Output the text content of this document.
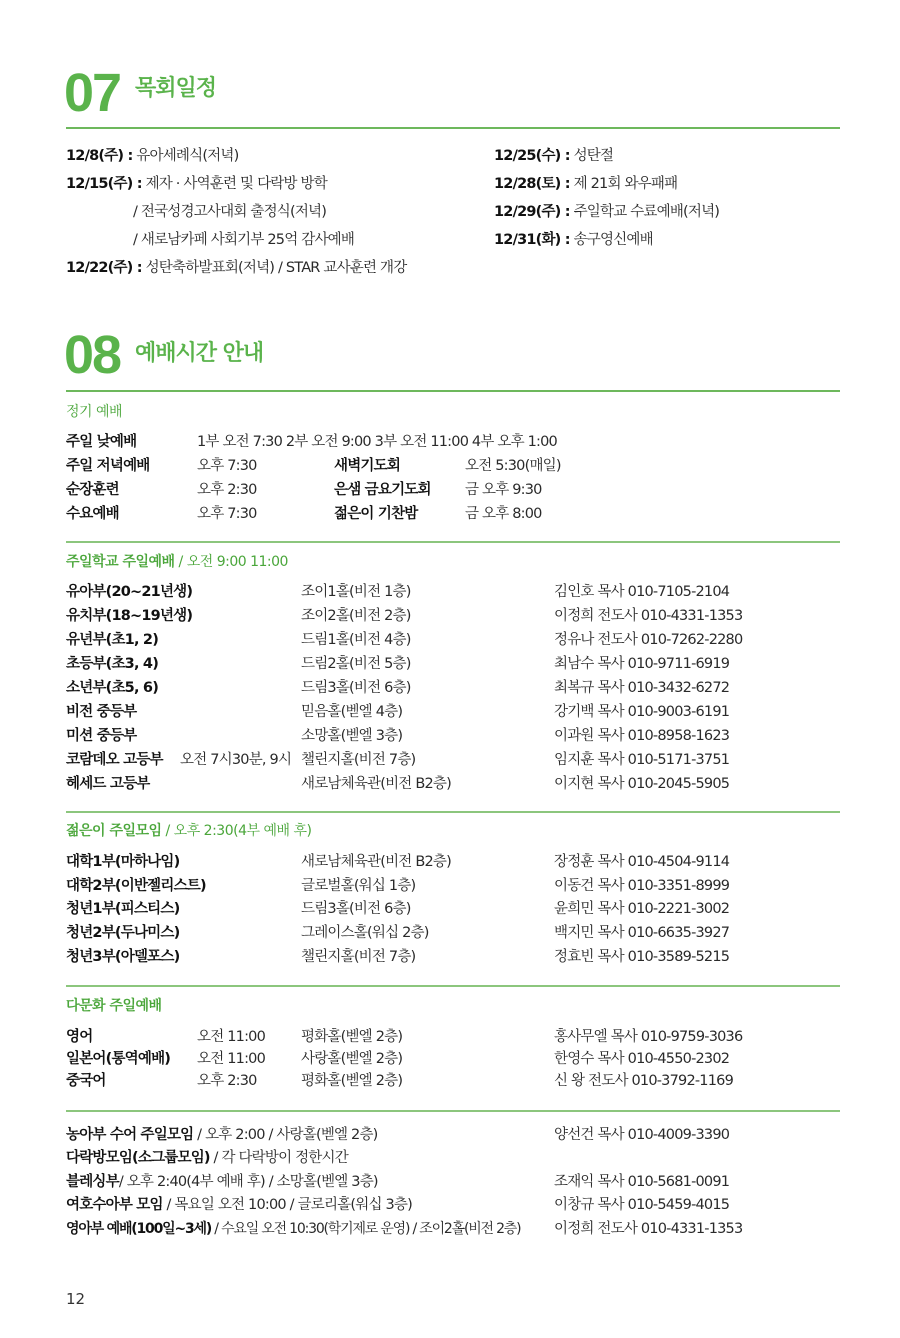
07 목회일정
12/8(주) : 유아세례식(저녁)
12/15(주) : 제자 · 사역훈련 및 다락방 방학
/ 전국성경고사대회 출정식(저녁)
/ 새로남카페 사회기부 25억 감사예배
12/22(주) : 성탄축하발표회(저녁) / STAR 교사훈련 개강
12/25(수) : 성탄절
12/28(토) : 제 21회 와우패패
12/29(주) : 주일학교 수료예배(저녁)
12/31(화) : 송구영신예배
08 예배시간 안내
정기 예배
주일 낮예배	1부 오전 7:30 2부 오전 9:00 3부 오전 11:00 4부 오후 1:00
주일 저녁예배	오후 7:30	새벽기도회	오전 5:30(매일)
순장훈련	오후 2:30	은샘 금요기도회 금 오후 9:30
수요예배	오후 7:30	젊은이 기찬밤	금 오후 8:00
주일학교 주일예배 / 오전 9:00 11:00
유아부(20~21년생)	조이1홀(비전 1층)	김인호 목사 010-7105-2104
유치부(18~19년생)	조이2홀(비전 2층)	이정희 전도사 010-4331-1353
유년부(초1, 2)	드림1홀(비전 4층)	정유나 전도사 010-7262-2280
초등부(초3, 4)	드림2홀(비전 5층)	최남수 목사 010-9711-6919
소년부(초5, 6)	드림3홀(비전 6층)	최복규 목사 010-3432-6272
비전 중등부	믿음홀(벧엘 4층)	강기백 목사 010-9003-6191
미션 중등부	소망홀(벧엘 3층)	이과원 목사 010-8958-1623
코람데오 고등부 오전 7시30분, 9시 챌린지홀(비전 7층)	임지훈 목사 010-5171-3751
헤세드 고등부	새로남체육관(비전 B2층)	이지현 목사 010-2045-5905
젊은이 주일모임 / 오후 2:30(4부 예배 후)
대학1부(마하나임)	새로남체육관(비전 B2층)	장정훈 목사 010-4504-9114
대학2부(이반젤리스트)	글로벌홀(워십 1층)	이동건 목사 010-3351-8999
청년1부(피스티스)	드림3홀(비전 6층)	윤희민 목사 010-2221-3002
청년2부(두나미스)	그레이스홀(워십 2층)	백지민 목사 010-6635-3927
청년3부(아델포스)	챌린지홀(비전 7층)	정효빈 목사 010-3589-5215
다문화 주일예배
영어	오전 11:00 평화홀(벧엘 2층)	홍사무엘 목사 010-9759-3036
일본어(통역예배) 오전 11:00 사랑홀(벧엘 2층)	한영수 목사 010-4550-2302
중국어	오후 2:30	평화홀(벧엘 2층)	신 왕 전도사 010-3792-1169
농아부 수어 주일모임 / 오후 2:00 / 사랑홀(벧엘 2층)	양선건 목사 010-4009-3390
다락방모임(소그룹모임) / 각 다락방이 정한시간
블레싱부/ 오후 2:40(4부 예배 후) / 소망홀(벧엘 3층)	조재익 목사 010-5681-0091
여호수아부 모임 / 목요일 오전 10:00 / 글로리홀(워십 3층)	이창규 목사 010-5459-4015
영아부 예배(100일~3세) / 수요일 오전 10:30(학기제로 운영) / 조이2홀(비전 2층) 이정희 전도사 010-4331-1353
12
